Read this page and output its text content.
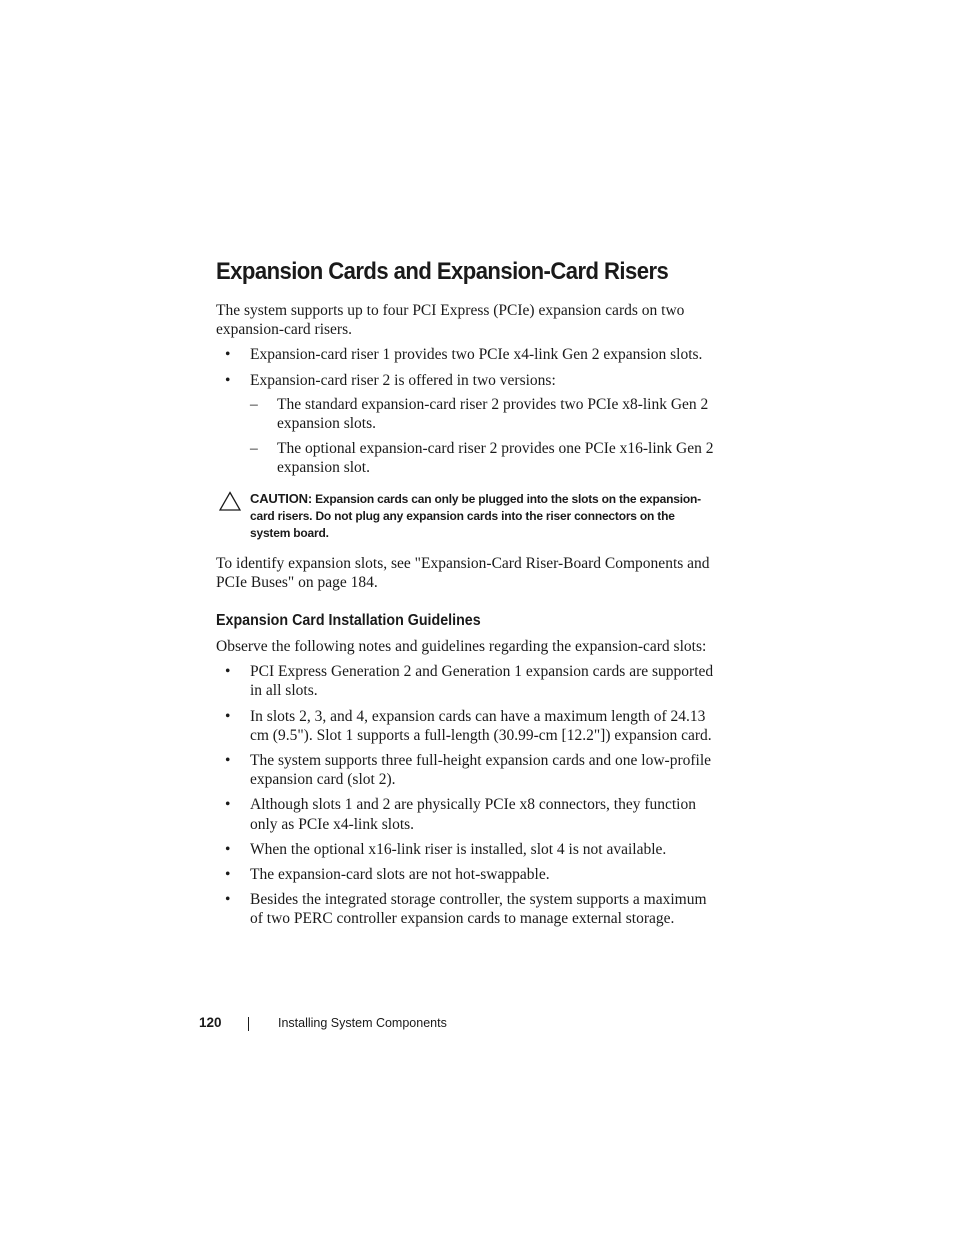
Expansion Cards and Expansion-Card Risers

The system supports up to four PCI Express (PCIe) expansion cards on two expansion-card risers.

• Expansion-card riser 1 provides two PCIe x4-link Gen 2 expansion slots.
• Expansion-card riser 2 is offered in two versions:
– The standard expansion-card riser 2 provides two PCIe x8-link Gen 2 expansion slots.
– The optional expansion-card riser 2 provides one PCIe x16-link Gen 2 expansion slot.
CAUTION: Expansion cards can only be plugged into the slots on the expansion-card risers. Do not plug any expansion cards into the riser connectors on the system board.

To identify expansion slots, see "Expansion-Card Riser-Board Components and PCIe Buses" on page 184.

Expansion Card Installation Guidelines

Observe the following notes and guidelines regarding the expansion-card slots:

• PCI Express Generation 2 and Generation 1 expansion cards are supported in all slots.
• In slots 2, 3, and 4, expansion cards can have a maximum length of 24.13 cm (9.5"). Slot 1 supports a full-length (30.99-cm [12.2"]) expansion card.
• The system supports three full-height expansion cards and one low-profile expansion card (slot 2).
• Although slots 1 and 2 are physically PCIe x8 connectors, they function only as PCIe x4-link slots.
• When the optional x16-link riser is installed, slot 4 is not available.
• The expansion-card slots are not hot-swappable.
• Besides the integrated storage controller, the system supports a maximum of two PERC controller expansion cards to manage external storage.
120	Installing System Components
